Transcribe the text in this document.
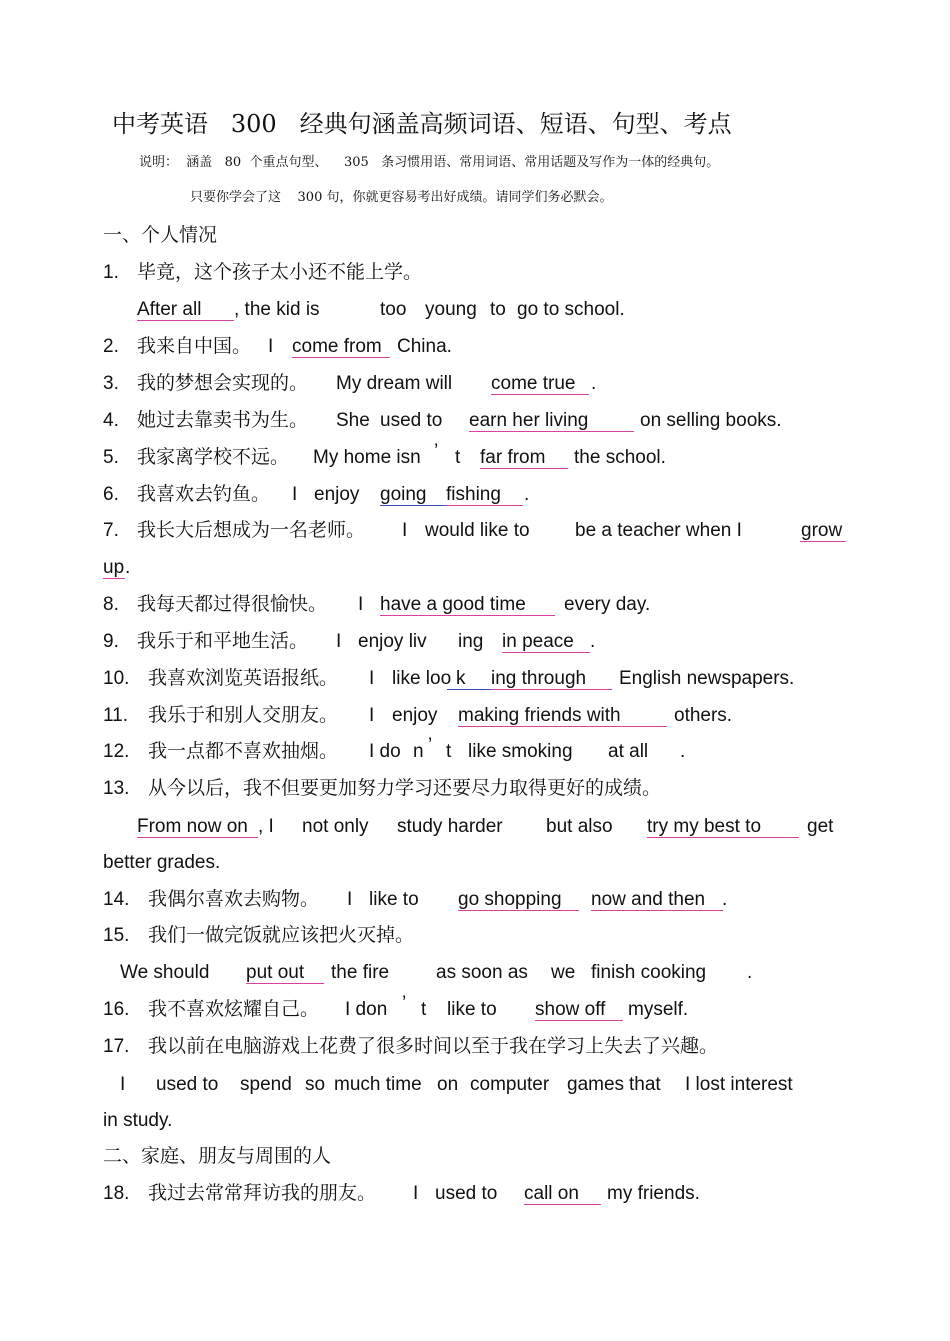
中考英语   300   经典句涵盖高频词语、短语、句型、考点
说明：  涵盖   80  个重点句型、    305   条习惯用语、常用词语、常用话题及写作为一体的经典句。
只要你学会了这    300 句，你就更容易考出好成绩。请同学们务必默会。
一、个人情况
1. 毕竟，这个孩子太小还不能上学。
After all , the kid is	too young to go to school.
2. 我来自中国。 I come from China.
3. 我的梦想会实现的。 My dream will come true .
4. 她过去靠卖书为生。 She used to earn her living	on selling books.
5. 我家离学校不远。 My home isn ’ t far from the school.
6. 我喜欢去钓鱼。 I enjoy going fishing .
7. 我长大后想成为一名老师。 I would like to be a teacher when I	grow
up .
8. 我每天都过得很愉快。 I have a good time every day.
9. 我乐于和平地生活。 I enjoy liv ing in peace .
10. 我喜欢浏览英语报纸。 I like loo k ing through English newspapers.
11. 我乐于和别人交朋友。 I enjoy making friends with	others.
12. 我一点都不喜欢抽烟。 I do n ’ t like smoking at all .
13. 从今以后，我不但要更加努力学习还要尽力取得更好的成绩。
From now on , I not only study harder but also try my best to get
better grades.
14. 我偶尔喜欢去购物。 I like to go shopping now and then .
15. 我们一做完饭就应该把火灭掉。
We should put out the fire as soon as we finish cooking .
16. 我不喜欢炫耀自己。 I don ’ t like to show off myself.
17. 我以前在电脑游戏上花费了很多时间以至于我在学习上失去了兴趣。
I used to spend so much time on computer games that I lost interest
in study.
二、家庭、朋友与周围的人
18. 我过去常常拜访我的朋友。 I used to call on my friends.
